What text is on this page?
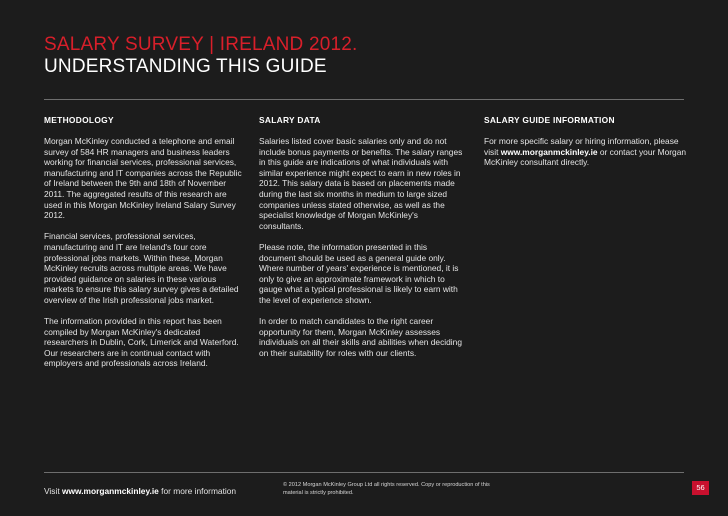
SALARY SURVEY | IRELAND 2012.
UNDERSTANDING THIS GUIDE
METHODOLOGY

Morgan McKinley conducted a telephone and email survey of 584 HR managers and business leaders working for financial services, professional services, manufacturing and IT companies across the Republic of Ireland between the 9th and 18th of November 2011. The aggregated results of this research are used in this Morgan McKinley Ireland Salary Survey 2012.

Financial services, professional services, manufacturing and IT are Ireland's four core professional jobs markets. Within these, Morgan McKinley recruits across multiple areas. We have provided guidance on salaries in these various markets to ensure this salary survey gives a detailed overview of the Irish professional jobs market.

The information provided in this report has been compiled by Morgan McKinley's dedicated researchers in Dublin, Cork, Limerick and Waterford. Our researchers are in continual contact with employers and professionals across Ireland.

SALARY DATA

Salaries listed cover basic salaries only and do not include bonus payments or benefits. The salary ranges in this guide are indications of what individuals with similar experience might expect to earn in new roles in 2012. This salary data is based on placements made during the last six months in medium to large sized companies unless stated otherwise, as well as the specialist knowledge of Morgan McKinley's consultants.

Please note, the information presented in this document should be used as a general guide only. Where number of years' experience is mentioned, it is only to give an approximate framework in which to gauge what a typical professional is likely to earn with the level of experience shown.

In order to match candidates to the right career opportunity for them, Morgan McKinley assesses individuals on all their skills and abilities when deciding on their suitability for roles with our clients.

SALARY GUIDE INFORMATION

For more specific salary or hiring information, please visit www.morganmckinley.ie or contact your Morgan McKinley consultant directly.

Visit www.morganmckinley.ie for more information
© 2012 Morgan McKinley Group Ltd all rights reserved. Copy or reproduction of this material is strictly prohibited.
56
